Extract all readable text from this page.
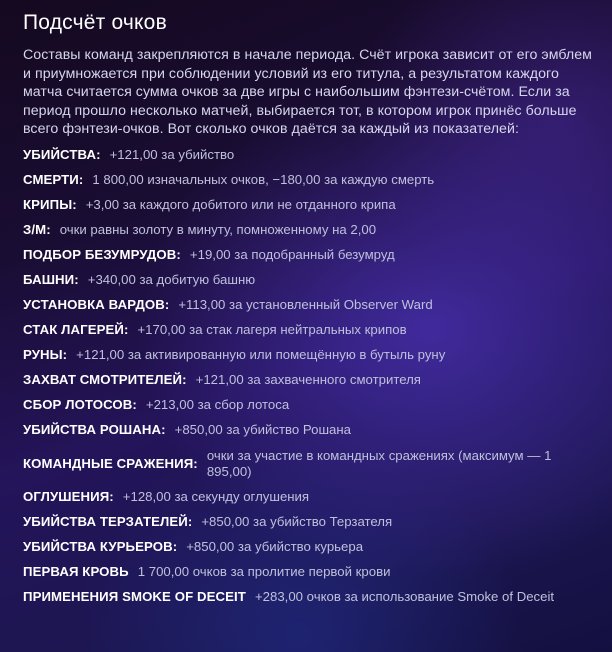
Подсчёт очков

Составы команд закрепляются в начале периода. Счёт игрока зависит от его эмблем и приумножается при соблюдении условий из его титула, а результатом каждого матча считается сумма очков за две игры с наибольшим фэнтези-счётом. Если за период прошло несколько матчей, выбирается тот, в котором игрок принёс больше всего фэнтези-очков. Вот сколько очков даётся за каждый из показателей:

УБИЙСТВА: +121,00 за убийство
СМЕРТИ: 1 800,00 изначальных очков, −180,00 за каждую смерть
КРИПЫ: +3,00 за каждого добитого или не отданного крипа
З/М: очки равны золоту в минуту, помноженному на 2,00
ПОДБОР БЕЗУМРУДОВ: +19,00 за подобранный безумруд
БАШНИ: +340,00 за добитую башню
УСТАНОВКА ВАРДОВ: +113,00 за установленный Observer Ward
СТАК ЛАГЕРЕЙ: +170,00 за стак лагеря нейтральных крипов
РУНЫ: +121,00 за активированную или помещённую в бутыль руну
ЗАХВАТ СМОТРИТЕЛЕЙ: +121,00 за захваченного смотрителя
СБОР ЛОТОСОВ: +213,00 за сбор лотоса
УБИЙСТВА РОШАНА: +850,00 за убийство Рошана
КОМАНДНЫЕ СРАЖЕНИЯ:
очки за участие в командных сражениях (максимум — 1 895,00)
ОГЛУШЕНИЯ: +128,00 за секунду оглушения
УБИЙСТВА ТЕРЗАТЕЛЕЙ: +850,00 за убийство Терзателя
УБИЙСТВА КУРЬЕРОВ: +850,00 за убийство курьера
ПЕРВАЯ КРОВЬ 1 700,00 очков за пролитие первой крови
ПРИМЕНЕНИЯ SMOKE OF DECEIT +283,00 очков за использование Smoke of Deceit
